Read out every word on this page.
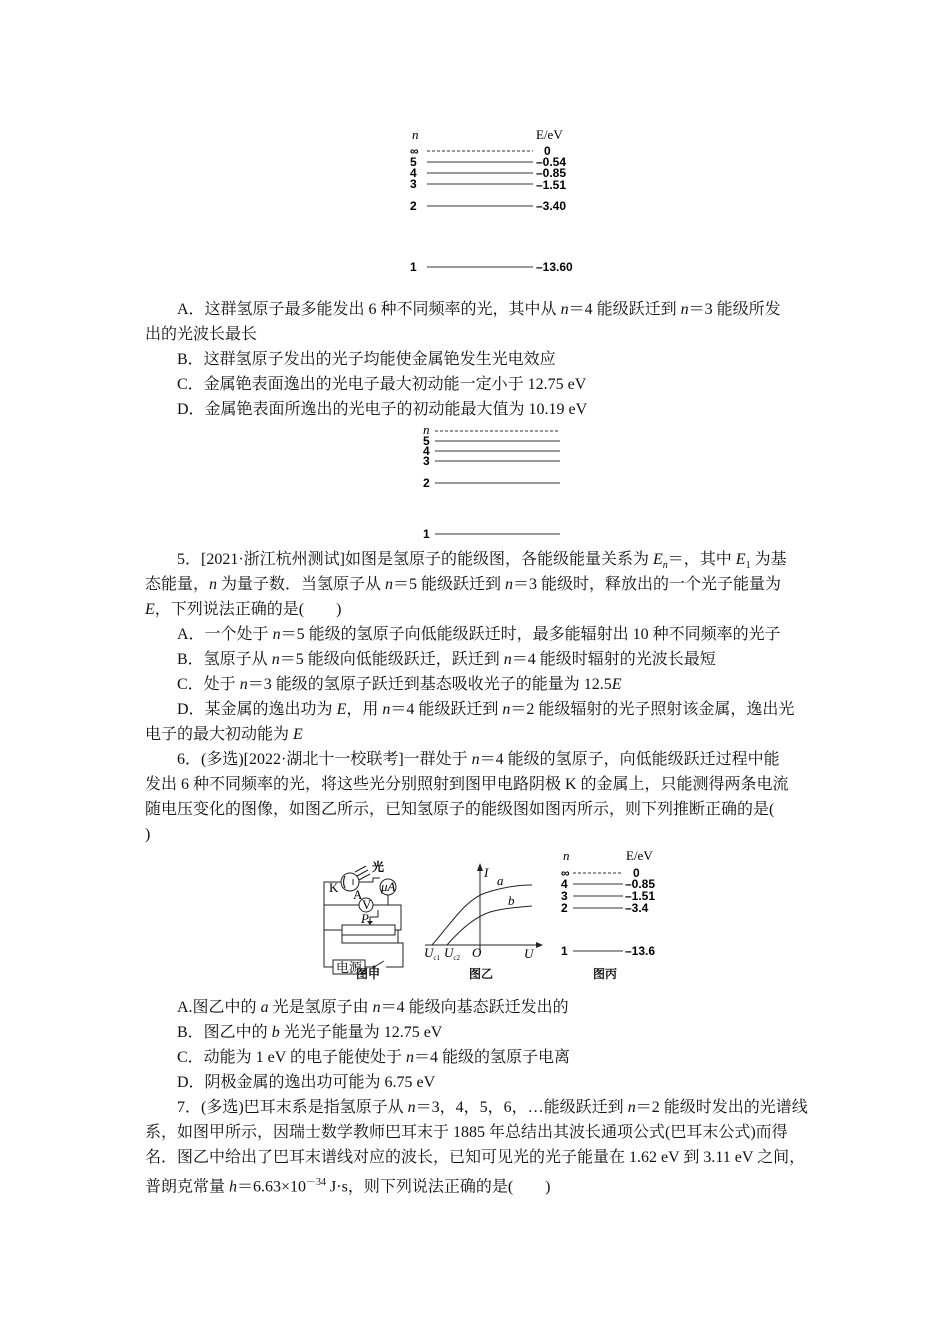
n	E/eV
∞
5
4
3
2
1
0
–0.54
–0.85
–1.51
–3.40
–13.60
A．这群氢原子最多能发出 6 种不同频率的光，其中从 n＝4 能级跃迁到 n＝3 能级所发
出的光波长最长
B．这群氢原子发出的光子均能使金属铯发生光电效应
C．金属铯表面逸出的光电子最大初动能一定小于 12.75 eV
D．金属铯表面所逸出的光电子的初动能最大值为 10.19 eV
n
5
4
3
2
1
5．[2021·浙江杭州测试]如图是氢原子的能级图，各能级能量关系为 $E_n=$，其中 $E_1$ 为基
态能量，n 为量子数．当氢原子从 n＝5 能级跃迁到 n＝3 能级时，释放出的一个光子能量为
E，下列说法正确的是(　　)
A．一个处于 n＝5 能级的氢原子向低能级跃迁时，最多能辐射出 10 种不同频率的光子
B．氢原子从 n＝5 能级向低能级跃迁，跃迁到 n＝4 能级时辐射的光波长最短
C．处于 n＝3 能级的氢原子跃迁到基态吸收光子的能量为 12.5E
D．某金属的逸出功为 E，用 n＝4 能级跃迁到 n＝2 能级辐射的光子照射该金属，逸出光
电子的最大初动能为 E
6．(多选)[2022·湖北十一校联考]一群处于 n＝4 能级的氢原子，向低能级跃迁过程中能
发出 6 种不同频率的光，将这些光分别照射到图甲电路阴极 K 的金属上，只能测得两条电流
随电压变化的图像，如图乙所示，已知氢原子的能级图如图丙所示，则下列推断正确的是(
)
光
K A
μA
V
P
电源
图甲
I
U
O
a
b
$U_{c1}$ $U_{c2}$
图乙
n	E/eV
∞
4
3
2
1
0
–0.85
–1.51
–3.4
–13.6
图丙
A.图乙中的 a 光是氢原子由 n＝4 能级向基态跃迁发出的
B．图乙中的 b 光光子能量为 12.75 eV
C．动能为 1 eV 的电子能使处于 n＝4 能级的氢原子电离
D．阴极金属的逸出功可能为 6.75 eV
7．(多选)巴耳末系是指氢原子从 n＝3，4，5，6，…能级跃迁到 n＝2 能级时发出的光谱线
系，如图甲所示，因瑞士数学教师巴耳末于 1885 年总结出其波长通项公式(巴耳末公式)而得
名．图乙中给出了巴耳末谱线对应的波长，已知可见光的光子能量在 1.62 eV 到 3.11 eV 之间，
普朗克常量 $h=6.63\times 10^{-34}$ J·s，则下列说法正确的是(　　)
